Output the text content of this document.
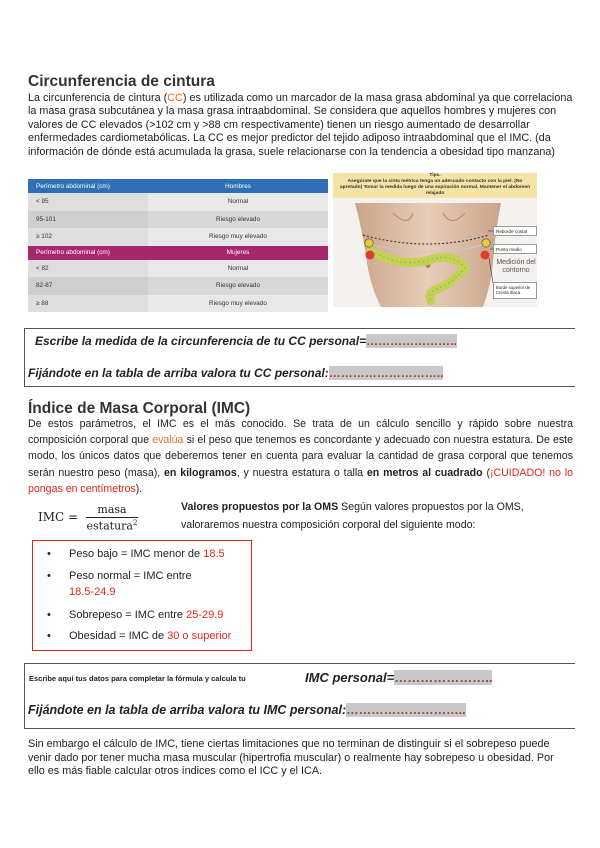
Circunferencia de cintura
La circunferencia de cintura (CC) es utilizada como un marcador de la masa grasa abdominal ya que correlaciona la masa grasa subcutánea y la masa grasa intraabdominal. Se considera que aquellos hombres y mujeres con valores de CC elevados (>102 cm y >88 cm respectivamente) tienen un riesgo aumentado de desarrollar enfermedades cardiometabólicas. La CC es mejor predictor del tejido adiposo intraabdominal que el IMC. (da información de dónde está acumulada la grasa, suele relacionarse con la tendencia a obesidad tipo manzana)
Perímetro abdominal (cm)	Hombres
< 95	Normal
95-101	Riesgo elevado
≥ 102	Riesgo muy elevado
Perímetro abdominal (cm)	Mujeres
< 82	Normal
82-87	Riesgo elevado
≥ 88	Riesgo muy elevado
Tips.
Asegúrate que la cinta métrica tenga un adecuado contacto con la piel. (No apretado) Tomar la medida luego de una expiración normal. Mantener el abdomen relajado
Reborde costal
Punto medio
Medición del contorno
Borde superior de Cresta Ilíaca
Escribe la medida de la circunferencia de tu CC personal=…………………..
Fijándote en la tabla de arriba valora tu CC personal:………………………..
Índice de Masa Corporal (IMC)
De estos parámetros, el IMC es el más conocido. Se trata de un cálculo sencillo y rápido sobre nuestra composición corporal que evalúa si el peso que tenemos es concordante y adecuado con nuestra estatura. De este modo, los únicos datos que deberemos tener en cuenta para evaluar la cantidad de grasa corporal que tenemos serán nuestro peso (masa), en kilogramos, y nuestra estatura o talla en metros al cuadrado (¡CUIDADO! no lo pongas en centímetros).
IMC =
masa
estatura$^2$
Valores propuestos por la OMS Según valores propuestos por la OMS, valoraremos nuestra composición corporal del siguiente modo:
•	Peso bajo = IMC menor de 18.5
•	Peso normal = IMC entre
18.5-24.9
•	Sobrepeso = IMC entre 25-29.9
•	Obesidad = IMC de 30 o superior
Escribe aquí tus datos para completar la fórmula y calcula tu	IMC personal=…………………..
Fijándote en la tabla de arriba valora tu IMC personal:………………………..
Sin embargo el cálculo de IMC, tiene ciertas limitaciones que no terminan de distinguir si el sobrepeso puede venir dado por tener mucha masa muscular (hipertrofia muscular) o realmente hay sobrepeso u obesidad. Por ello es más fiable calcular otros índices como el ICC y el ICA.
